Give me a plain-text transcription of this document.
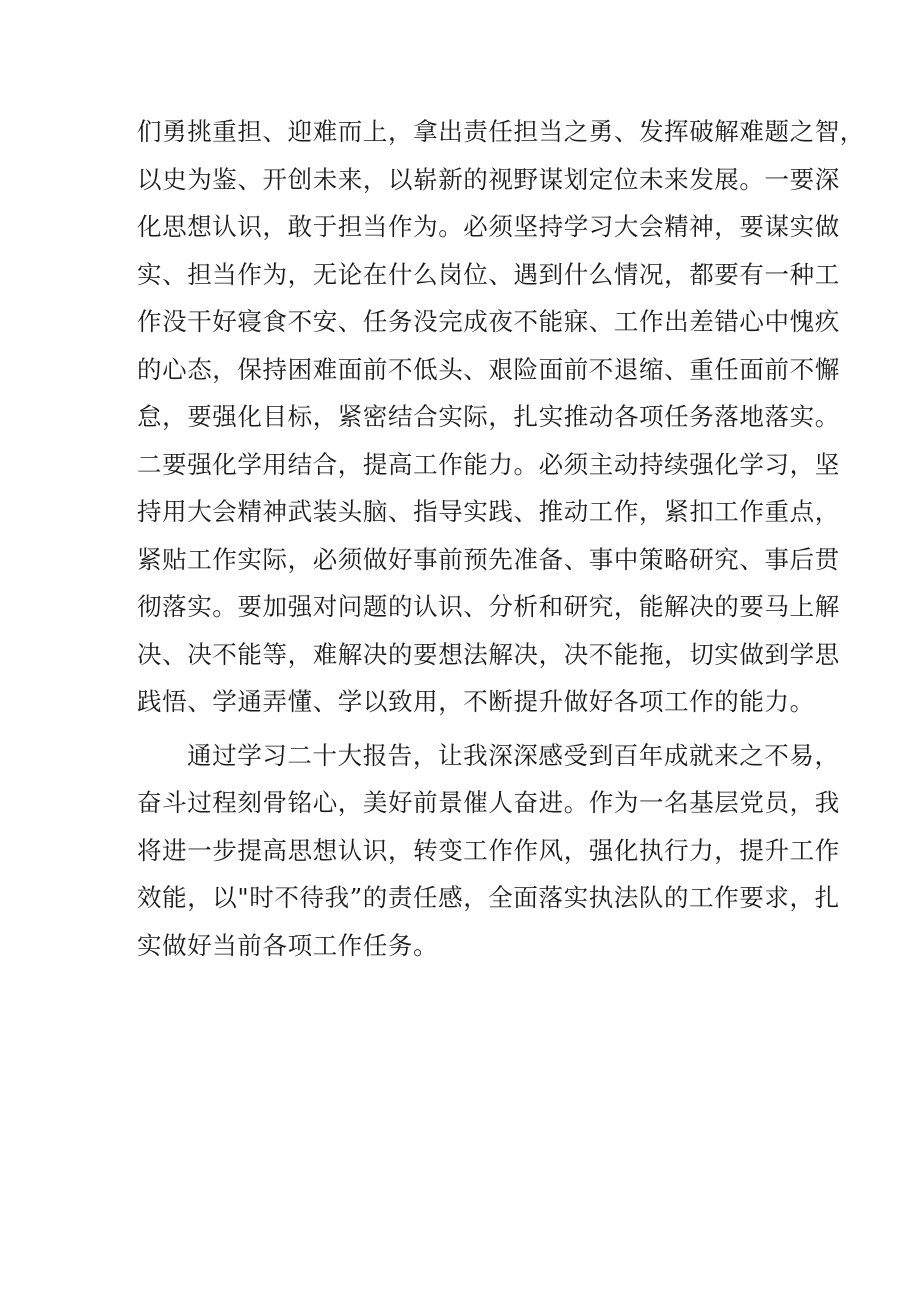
们勇挑重担、迎难而上，拿出责任担当之勇、发挥破解难题之智，
以史为鉴、开创未来，以崭新的视野谋划定位未来发展。一要深
化思想认识，敢于担当作为。必须坚持学习大会精神，要谋实做
实、担当作为，无论在什么岗位、遇到什么情况，都要有一种工
作没干好寝食不安、任务没完成夜不能寐、工作出差错心中愧疚
的心态，保持困难面前不低头、艰险面前不退缩、重任面前不懈
怠，要强化目标，紧密结合实际，扎实推动各项任务落地落实。
二要强化学用结合，提高工作能力。必须主动持续强化学习，坚
持用大会精神武装头脑、指导实践、推动工作，紧扣工作重点，
紧贴工作实际，必须做好事前预先准备、事中策略研究、事后贯
彻落实。要加强对问题的认识、分析和研究，能解决的要马上解
决、决不能等，难解决的要想法解决，决不能拖，切实做到学思
践悟、学通弄懂、学以致用，不断提升做好各项工作的能力。
通过学习二十大报告，让我深深感受到百年成就来之不易，
奋斗过程刻骨铭心，美好前景催人奋进。作为一名基层党员，我
将进一步提高思想认识，转变工作作风，强化执行力，提升工作
效能，以"时不待我”的责任感，全面落实执法队的工作要求，扎
实做好当前各项工作任务。
